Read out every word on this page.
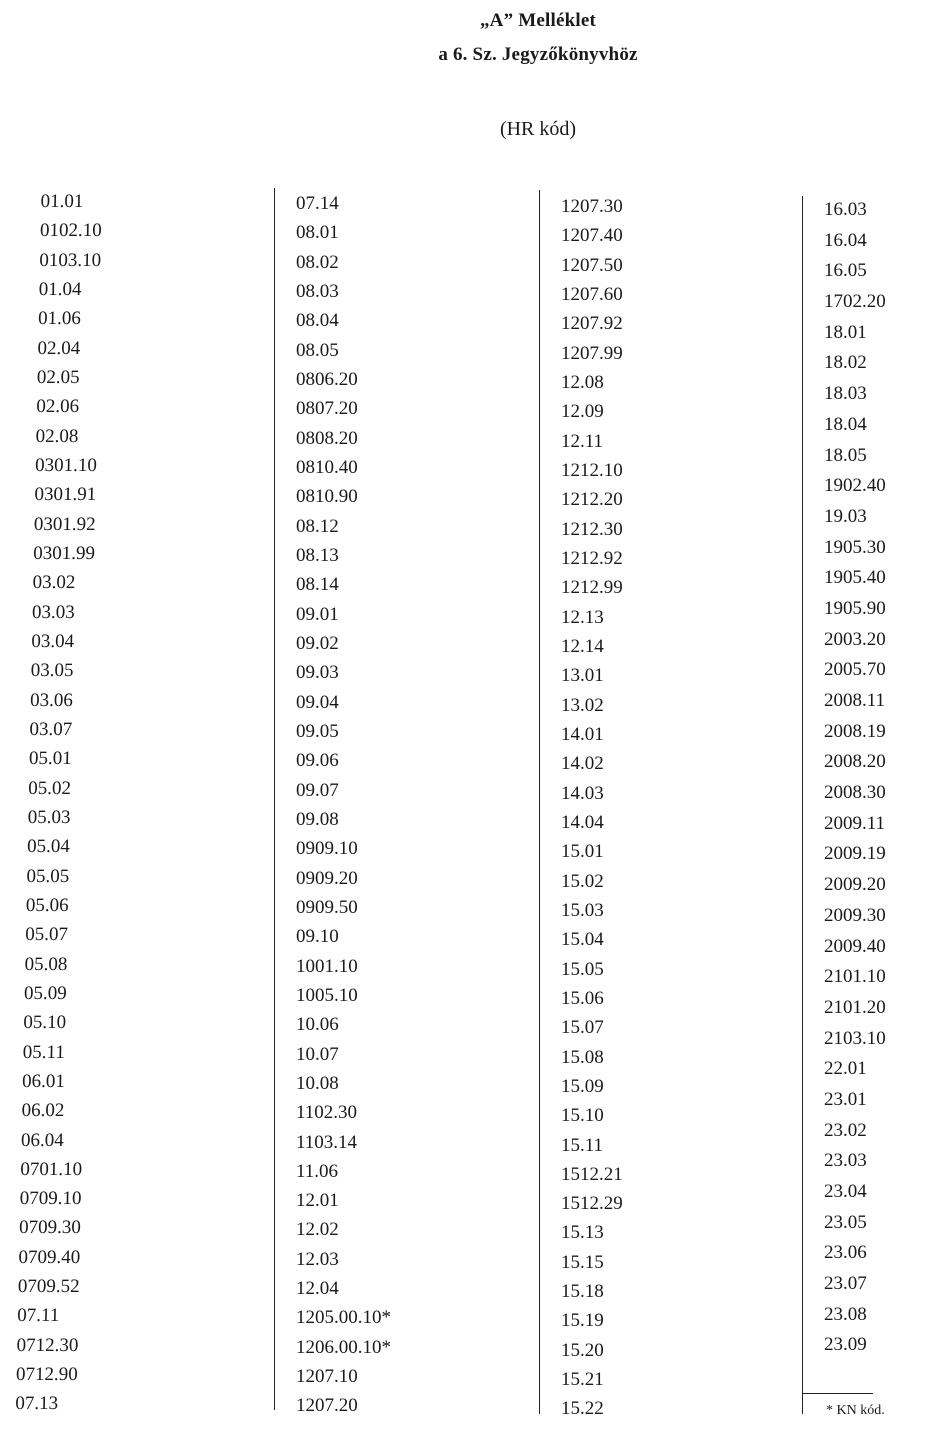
„A” Melléklet
a 6. Sz. Jegyzőkönyvhöz
(HR kód)
01.01
0102.10
0103.10
01.04
01.06
02.04
02.05
02.06
02.08
0301.10
0301.91
0301.92
0301.99
03.02
03.03
03.04
03.05
03.06
03.07
05.01
05.02
05.03
05.04
05.05
05.06
05.07
05.08
05.09
05.10
05.11
06.01
06.02
06.04
0701.10
0709.10
0709.30
0709.40
0709.52
07.11
0712.30
0712.90
07.13
07.14
08.01
08.02
08.03
08.04
08.05
0806.20
0807.20
0808.20
0810.40
0810.90
08.12
08.13
08.14
09.01
09.02
09.03
09.04
09.05
09.06
09.07
09.08
0909.10
0909.20
0909.50
09.10
1001.10
1005.10
10.06
10.07
10.08
1102.30
1103.14
11.06
12.01
12.02
12.03
12.04
1205.00.10*
1206.00.10*
1207.10
1207.20
1207.30
1207.40
1207.50
1207.60
1207.92
1207.99
12.08
12.09
12.11
1212.10
1212.20
1212.30
1212.92
1212.99
12.13
12.14
13.01
13.02
14.01
14.02
14.03
14.04
15.01
15.02
15.03
15.04
15.05
15.06
15.07
15.08
15.09
15.10
15.11
1512.21
1512.29
15.13
15.15
15.18
15.19
15.20
15.21
15.22
16.03
16.04
16.05
1702.20
18.01
18.02
18.03
18.04
18.05
1902.40
19.03
1905.30
1905.40
1905.90
2003.20
2005.70
2008.11
2008.19
2008.20
2008.30
2009.11
2009.19
2009.20
2009.30
2009.40
2101.10
2101.20
2103.10
22.01
23.01
23.02
23.03
23.04
23.05
23.06
23.07
23.08
23.09
* KN kód.
